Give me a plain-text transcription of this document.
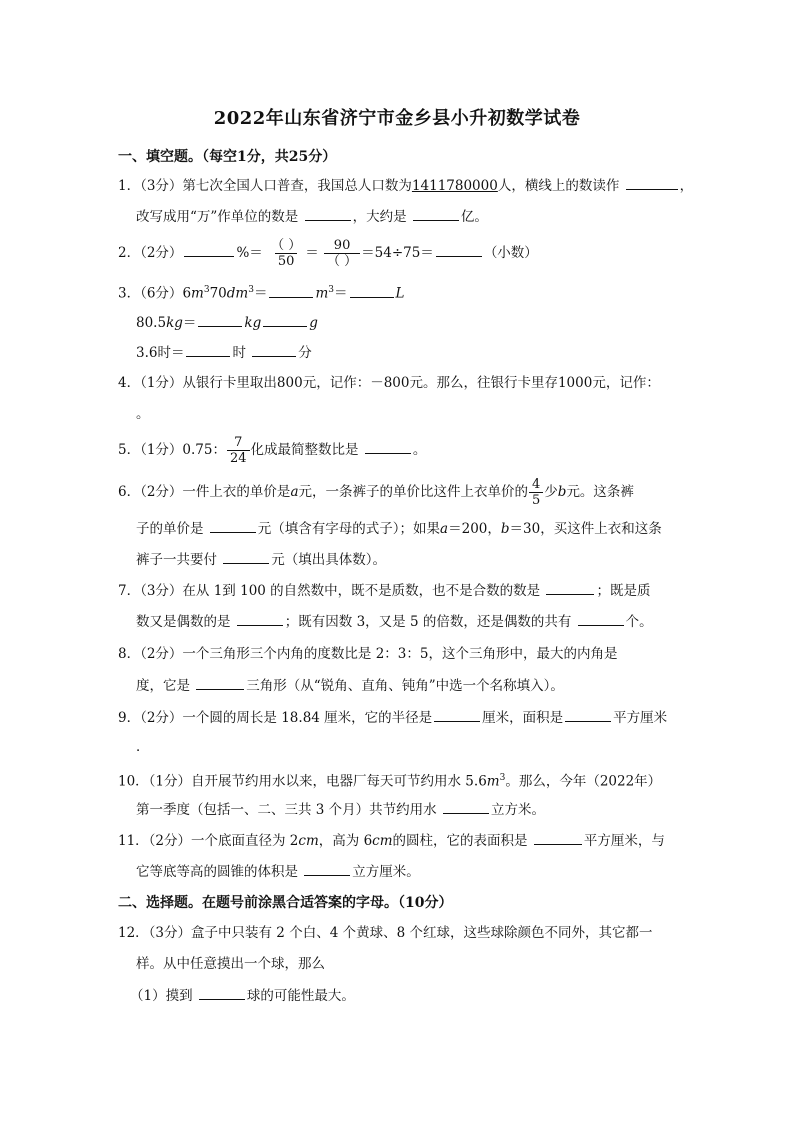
2022年山东省济宁市金乡县小升初数学试卷
一、填空题。（每空1分，共25分）
1．（3分）第七次全国人口普查，我国总人口数为1411780000人，横线上的数读作	，
改写成用“万”作单位的数是	，大约是	亿。
2．（2分）	%＝ $\frac{( )}{50} = \frac{90}{( )} =54\div 75=$	（小数）
3．（6分）$6m^370dm^3=$	$m^3=$	L
80.5kg＝	kg	g
3.6时＝	时	分
4．（1分）从银行卡里取出800元，记作：－800元。那么，往银行卡里存1000元，记作：
。
5．（1分）0.75： $\frac{7}{24}$ 化成最简整数比是	。
6．（2分）一件上衣的单价是a元，一条裤子的单价比这件上衣单价的 $\frac{4}{5}$ 少b元。这条裤
子的单价是	元（填含有字母的式子）；如果a＝200，b＝30，买这件上衣和这条
裤子一共要付	元（填出具体数）。
7．（3分）在从 1到 100 的自然数中，既不是质数，也不是合数的数是	；既是质
数又是偶数的是	；既有因数 3，又是 5 的倍数，还是偶数的共有	个。
8．（2分）一个三角形三个内角的度数比是 2：3：5，这个三角形中，最大的内角是
度，它是	三角形（从“锐角、直角、钝角”中选一个名称填入）。
9．（2分）一个圆的周长是 18.84 厘米，它的半径是	厘米，面积是	平方厘米
．
10．（1分）自开展节约用水以来，电器厂每天可节约用水 $5.6m^3$。那么，今年（2022年）
第一季度（包括一、二、三共 3 个月）共节约用水	立方米。
11．（2分）一个底面直径为 2cm，高为 6cm的圆柱，它的表面积是	平方厘米，与
它等底等高的圆锥的体积是	立方厘米。
二、选择题。在题号前涂黑合适答案的字母。（10分）
12．（3分）盒子中只装有 2 个白、4 个黄球、8 个红球，这些球除颜色不同外，其它都一
样。从中任意摸出一个球，那么
（1）摸到	球的可能性最大。
